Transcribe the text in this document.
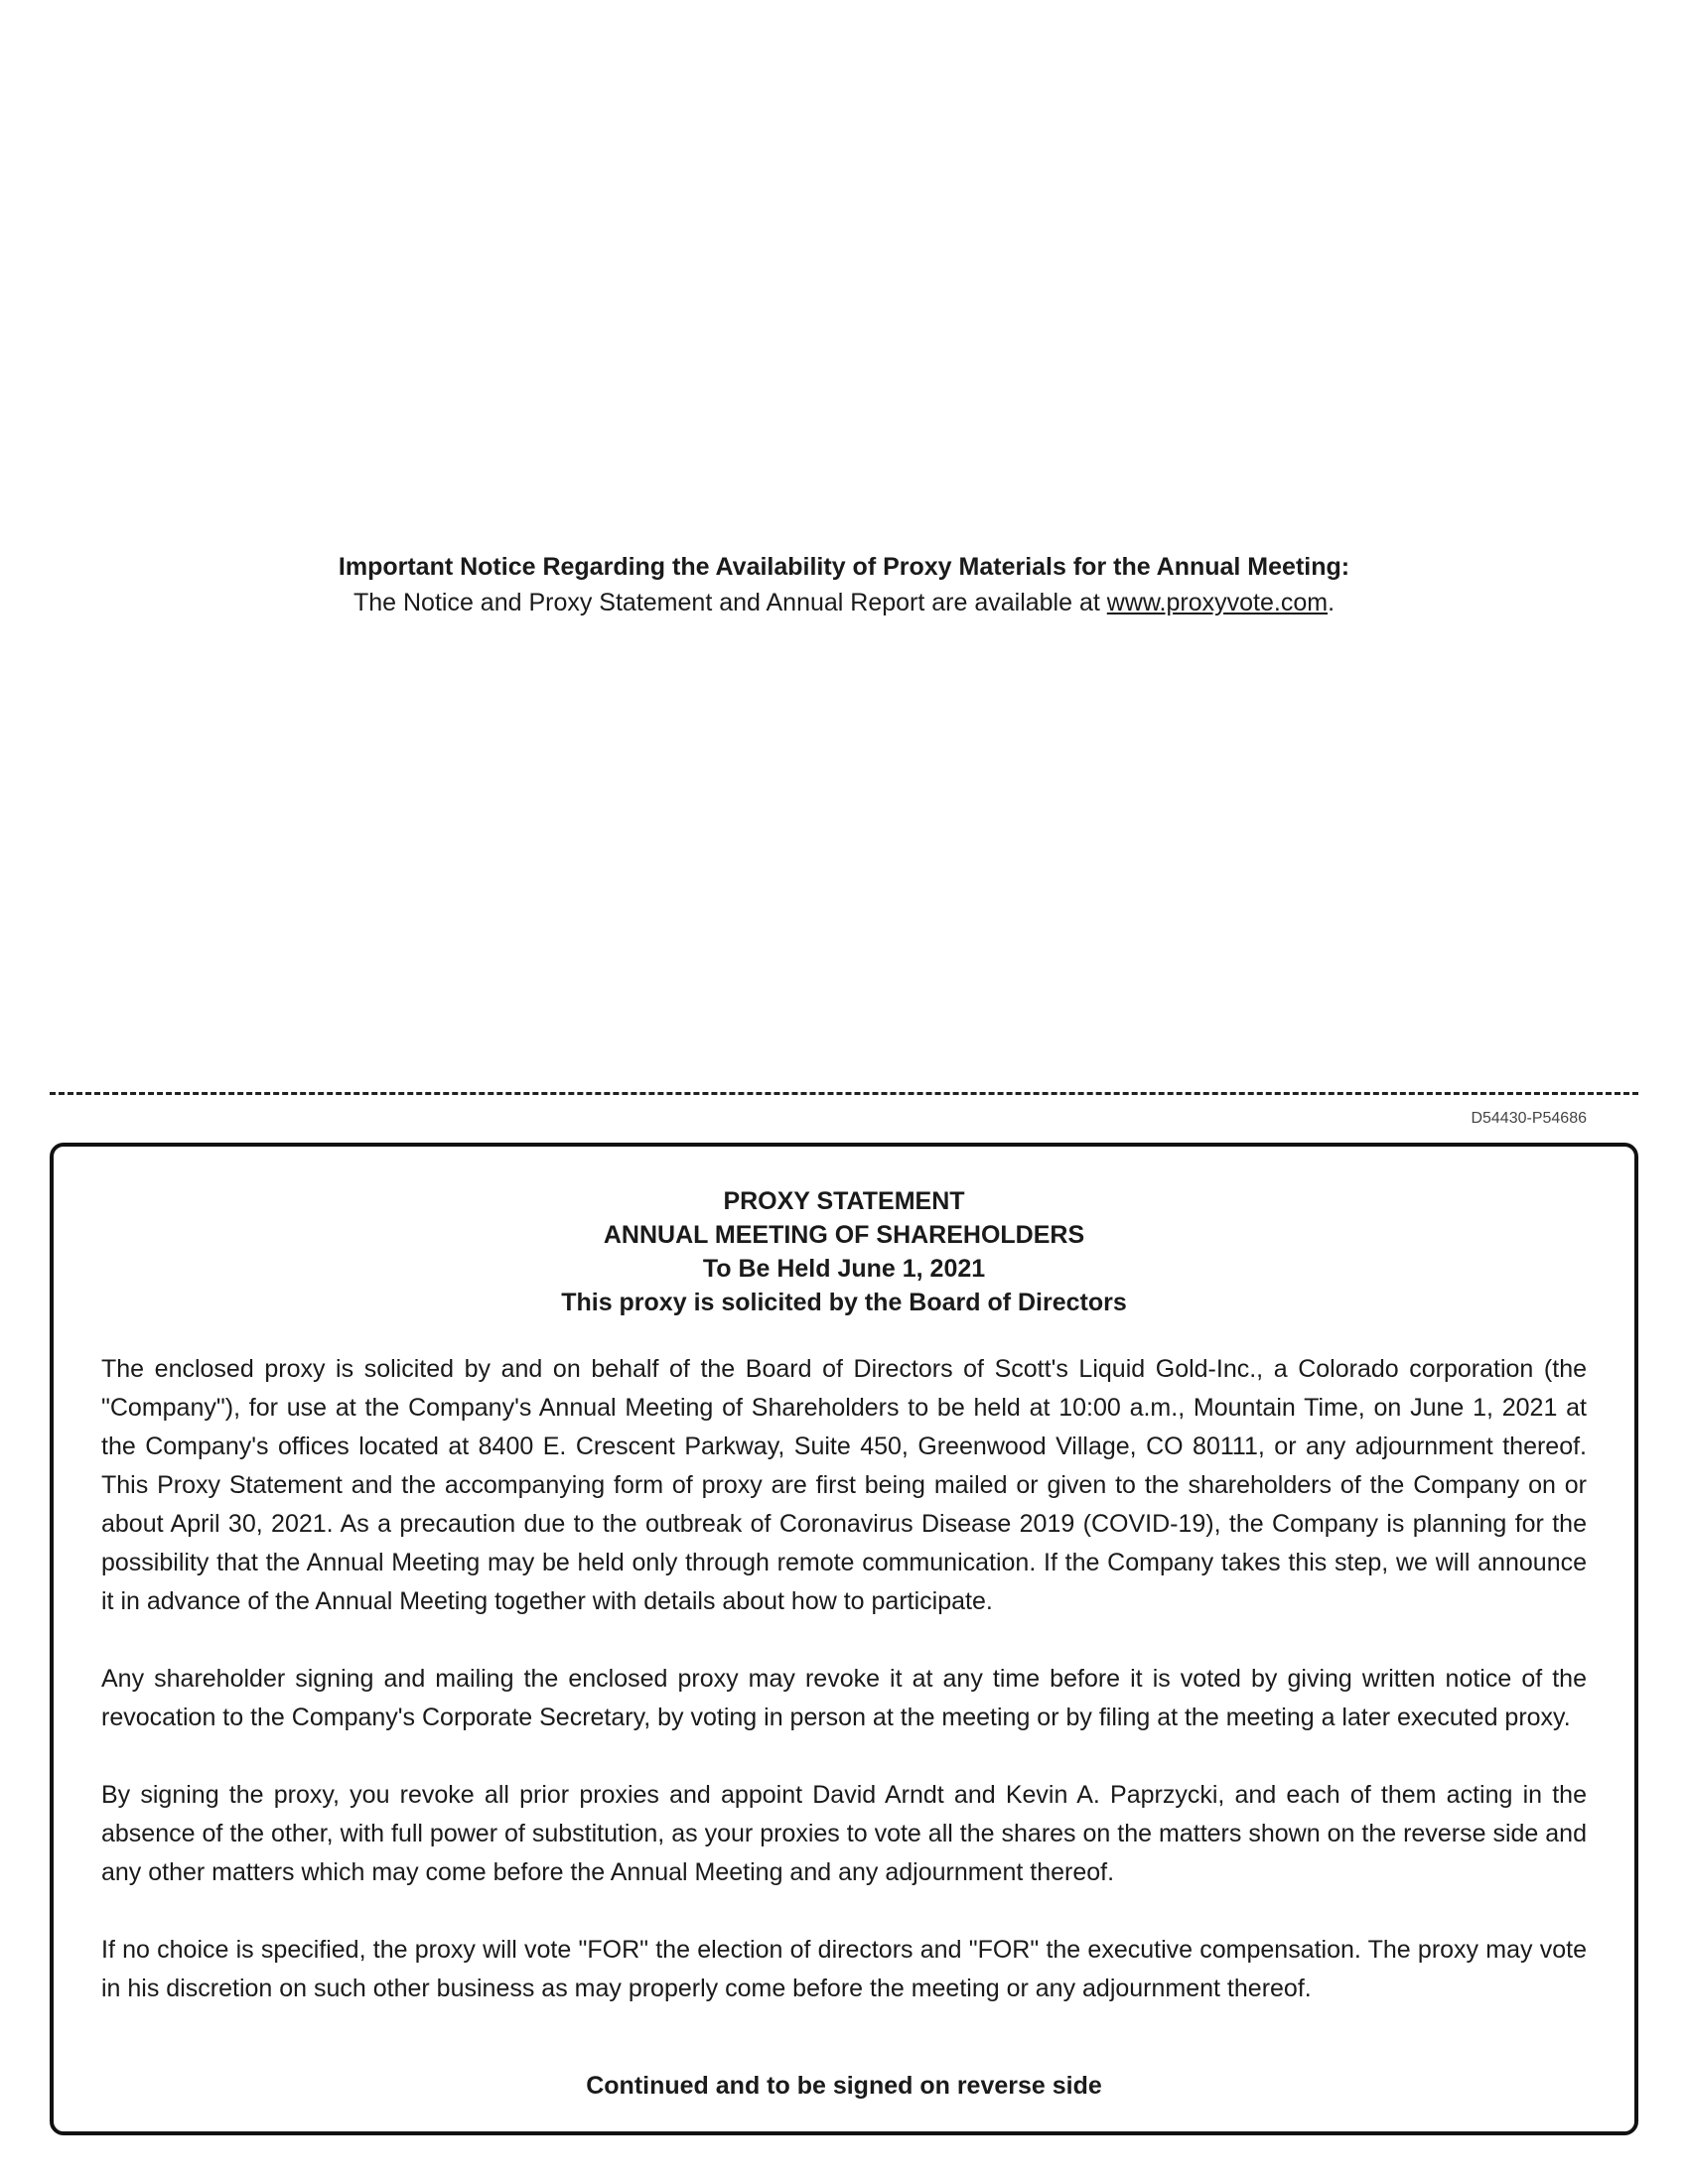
Important Notice Regarding the Availability of Proxy Materials for the Annual Meeting:
The Notice and Proxy Statement and Annual Report are available at www.proxyvote.com.
D54430-P54686
PROXY STATEMENT
ANNUAL MEETING OF SHAREHOLDERS
To Be Held June 1, 2021
This proxy is solicited by the Board of Directors

The enclosed proxy is solicited by and on behalf of the Board of Directors of Scott's Liquid Gold-Inc., a Colorado corporation (the "Company"), for use at the Company's Annual Meeting of Shareholders to be held at 10:00 a.m., Mountain Time, on June 1, 2021 at the Company's offices located at 8400 E. Crescent Parkway, Suite 450, Greenwood Village, CO 80111, or any adjournment thereof. This Proxy Statement and the accompanying form of proxy are first being mailed or given to the shareholders of the Company on or about April 30, 2021. As a precaution due to the outbreak of Coronavirus Disease 2019 (COVID-19), the Company is planning for the possibility that the Annual Meeting may be held only through remote communication. If the Company takes this step, we will announce it in advance of the Annual Meeting together with details about how to participate.

Any shareholder signing and mailing the enclosed proxy may revoke it at any time before it is voted by giving written notice of the revocation to the Company's Corporate Secretary, by voting in person at the meeting or by filing at the meeting a later executed proxy.

By signing the proxy, you revoke all prior proxies and appoint David Arndt and Kevin A. Paprzycki, and each of them acting in the absence of the other, with full power of substitution, as your proxies to vote all the shares on the matters shown on the reverse side and any other matters which may come before the Annual Meeting and any adjournment thereof.

If no choice is specified, the proxy will vote "FOR" the election of directors and "FOR" the executive compensation. The proxy may vote in his discretion on such other business as may properly come before the meeting or any adjournment thereof.

Continued and to be signed on reverse side
